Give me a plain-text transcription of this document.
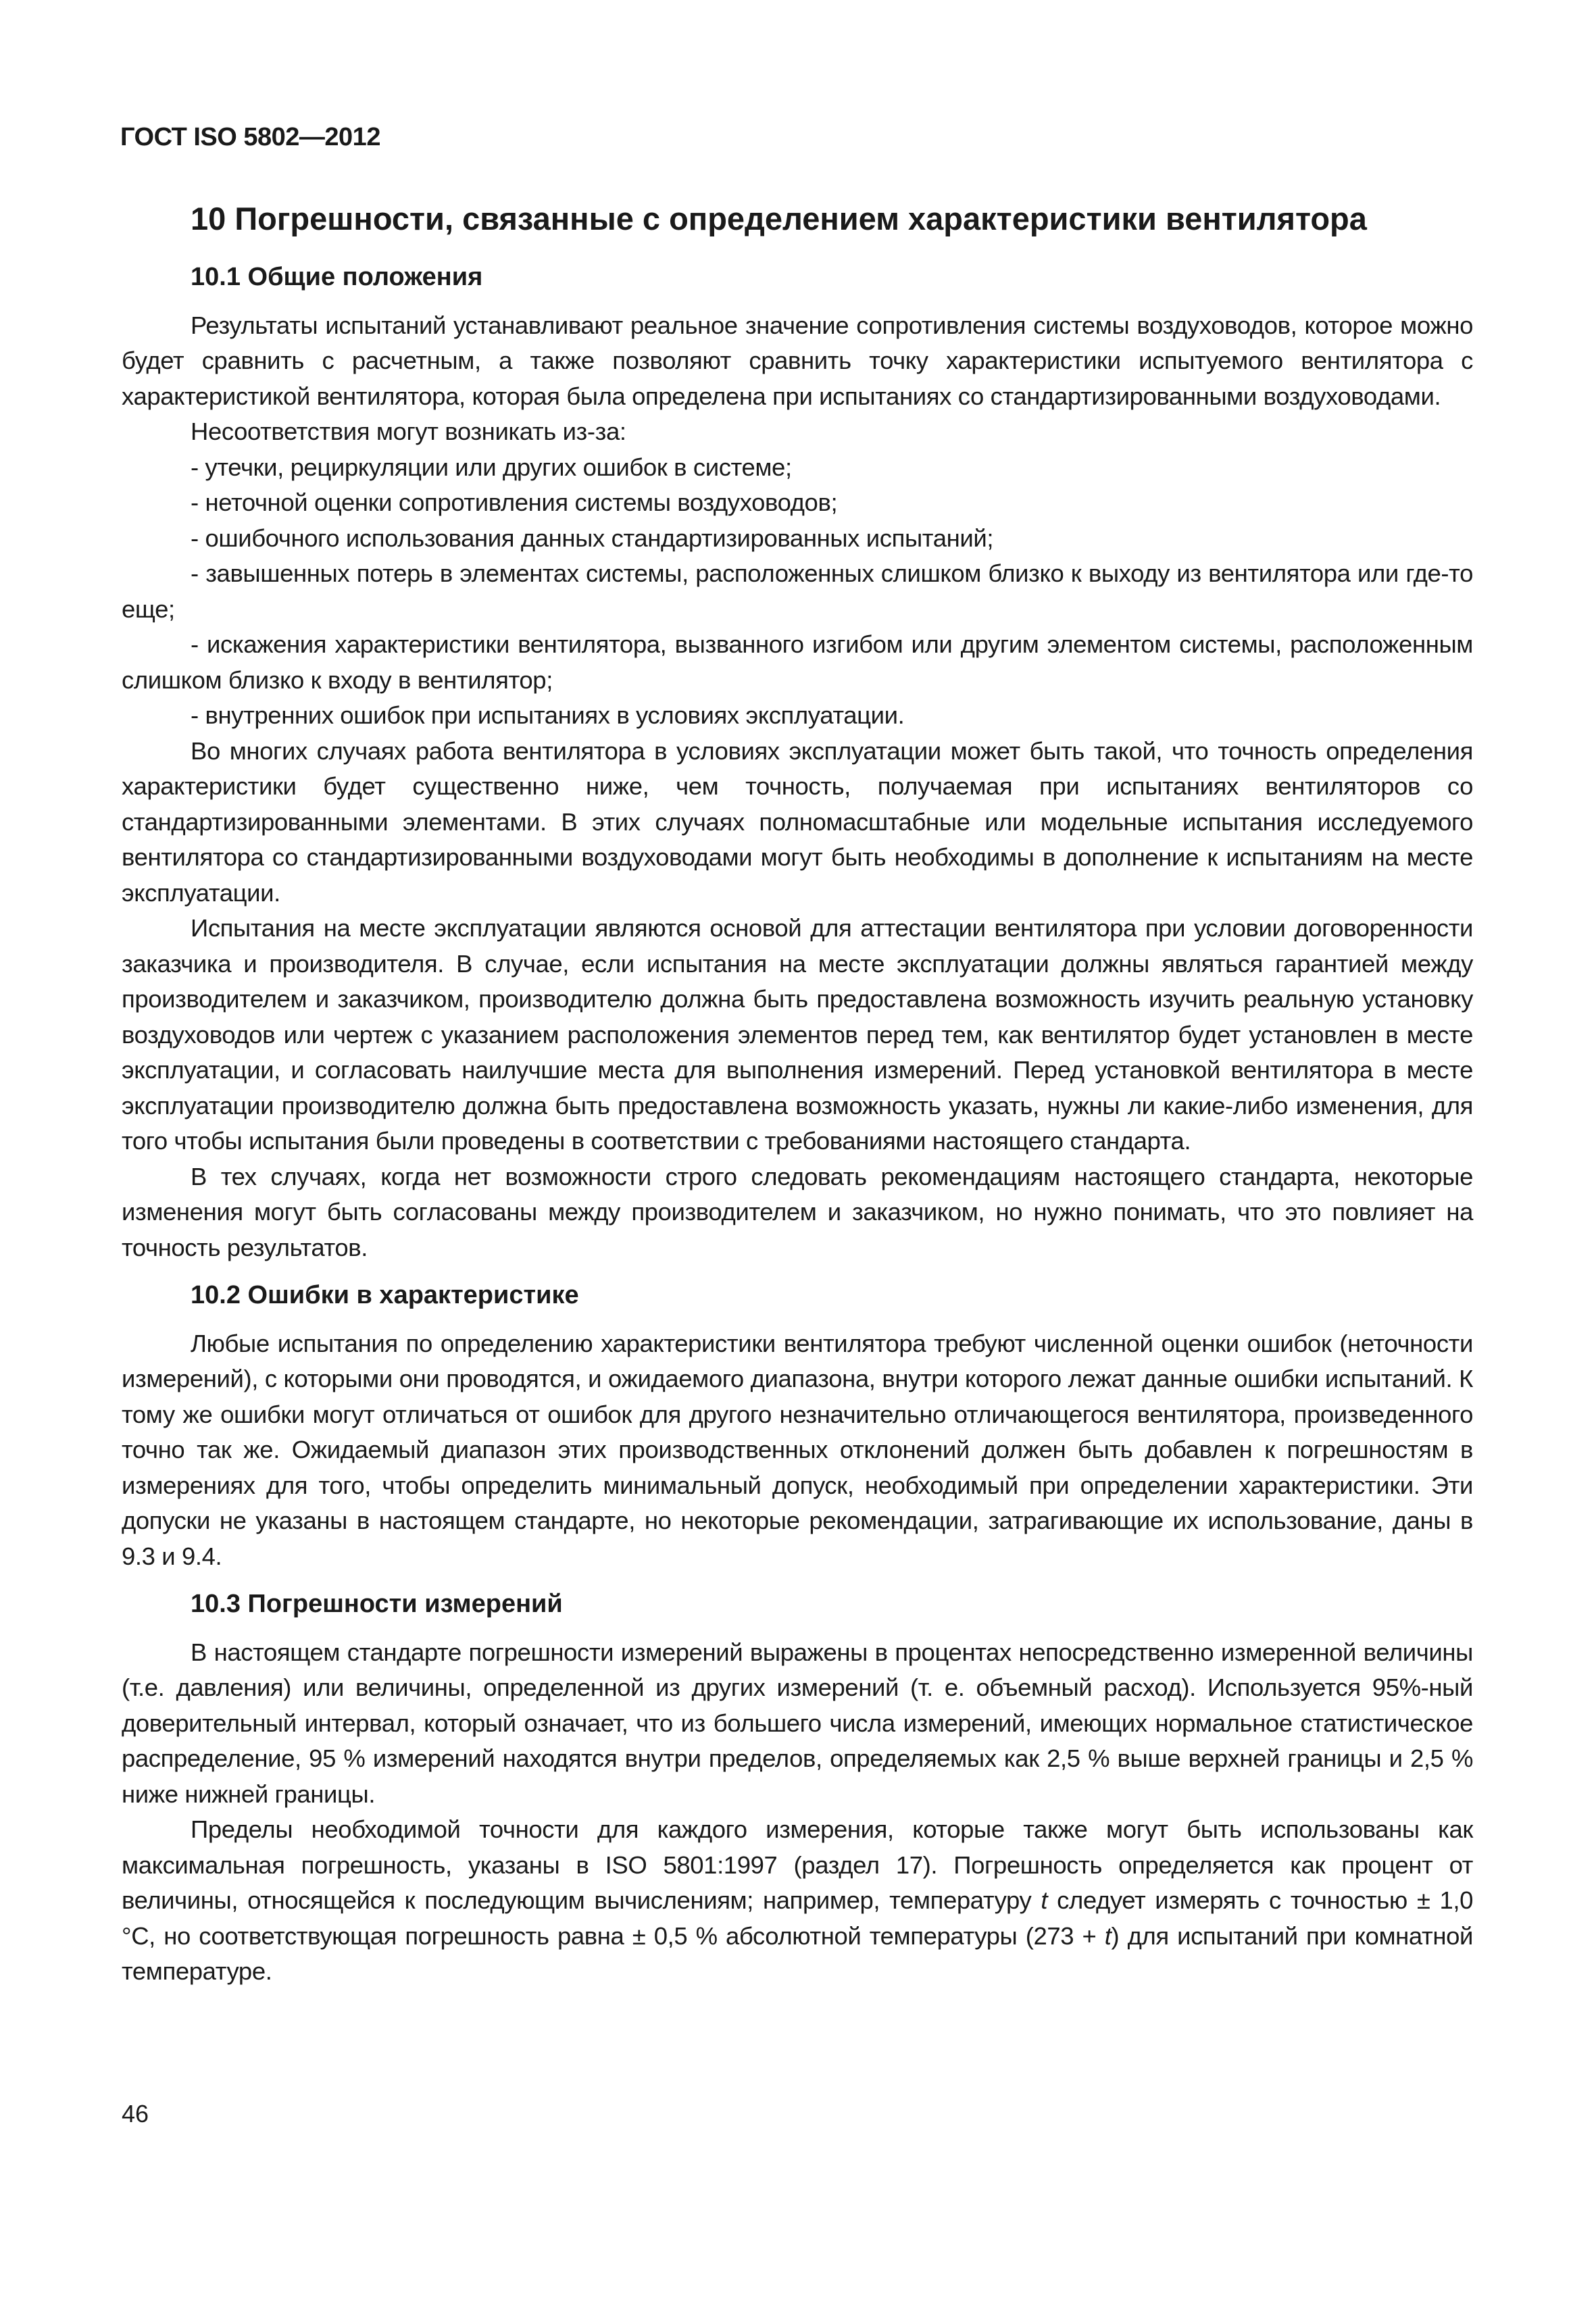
ГОСТ ISO 5802—2012
10 Погрешности, связанные с определением характеристики вентилятора
10.1 Общие положения

Результаты испытаний устанавливают реальное значение сопротивления системы воздуховодов, которое можно будет сравнить с расчетным, а также позволяют сравнить точку характеристики испытуемого вентилятора с характеристикой вентилятора, которая была определена при испытаниях со стандартизированными воздуховодами.

Несоответствия могут возникать из-за:

- утечки, рециркуляции или других ошибок в системе;

- неточной оценки сопротивления системы воздуховодов;

- ошибочного использования данных стандартизированных испытаний;

- завышенных потерь в элементах системы, расположенных слишком близко к выходу из вентилятора или где-то еще;

- искажения характеристики вентилятора, вызванного изгибом или другим элементом системы, расположенным слишком близко к входу в вентилятор;

- внутренних ошибок при испытаниях в условиях эксплуатации.

Во многих случаях работа вентилятора в условиях эксплуатации может быть такой, что точность определения характеристики будет существенно ниже, чем точность, получаемая при испытаниях вентиляторов со стандартизированными элементами. В этих случаях полномасштабные или модельные испытания исследуемого вентилятора со стандартизированными воздуховодами могут быть необходимы в дополнение к испытаниям на месте эксплуатации.

Испытания на месте эксплуатации являются основой для аттестации вентилятора при условии договоренности заказчика и производителя. В случае, если испытания на месте эксплуатации должны являться гарантией между производителем и заказчиком, производителю должна быть предоставлена возможность изучить реальную установку воздуховодов или чертеж с указанием расположения элементов перед тем, как вентилятор будет установлен в месте эксплуатации, и согласовать наилучшие места для выполнения измерений. Перед установкой вентилятора в месте эксплуатации производителю должна быть предоставлена возможность указать, нужны ли какие-либо изменения, для того чтобы испытания были проведены в соответствии с требованиями настоящего стандарта.

В тех случаях, когда нет возможности строго следовать рекомендациям настоящего стандарта, некоторые изменения могут быть согласованы между производителем и заказчиком, но нужно понимать, что это повлияет на точность результатов.

10.2 Ошибки в характеристике

Любые испытания по определению характеристики вентилятора требуют численной оценки ошибок (неточности измерений), с которыми они проводятся, и ожидаемого диапазона, внутри которого лежат данные ошибки испытаний. К тому же ошибки могут отличаться от ошибок для другого незначительно отличающегося вентилятора, произведенного точно так же. Ожидаемый диапазон этих производственных отклонений должен быть добавлен к погрешностям в измерениях для того, чтобы определить минимальный допуск, необходимый при определении характеристики. Эти допуски не указаны в настоящем стандарте, но некоторые рекомендации, затрагивающие их использование, даны в 9.3 и 9.4.

10.3 Погрешности измерений

В настоящем стандарте погрешности измерений выражены в процентах непосредственно измеренной величины (т.е. давления) или величины, определенной из других измерений (т. е. объемный расход). Используется 95%-ный доверительный интервал, который означает, что из большего числа измерений, имеющих нормальное статистическое распределение, 95 % измерений находятся внутри пределов, определяемых как 2,5 % выше верхней границы и 2,5 % ниже нижней границы.

Пределы необходимой точности для каждого измерения, которые также могут быть использованы как максимальная погрешность, указаны в ISO 5801:1997 (раздел 17). Погрешность определяется как процент от величины, относящейся к последующим вычислениям; например, температуру t следует измерять с точностью ± 1,0 °С, но соответствующая погрешность равна ± 0,5 % абсолютной температуры (273 + t) для испытаний при комнатной температуре.

46
